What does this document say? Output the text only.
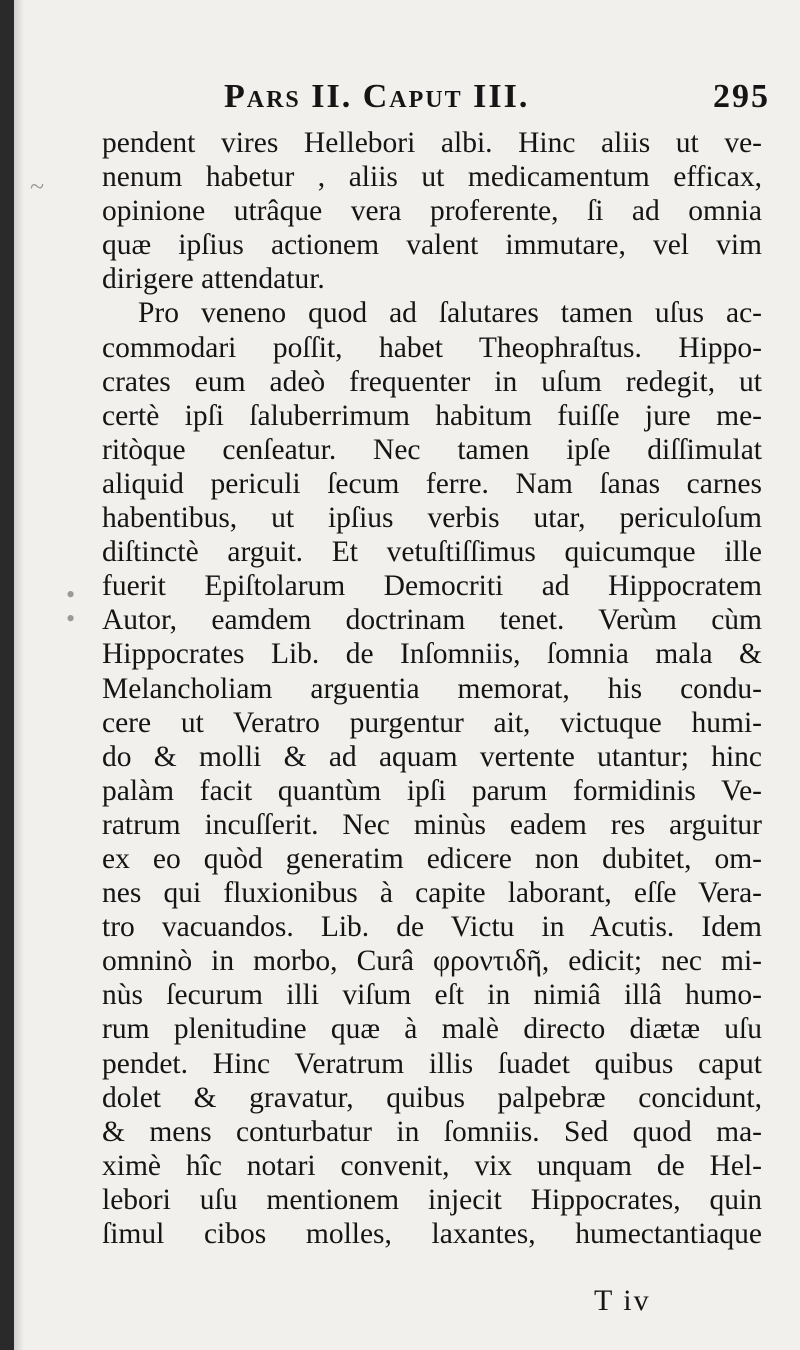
Pars II. Caput III.	295
pendent vires Hellebori albi. Hinc aliis ut ve-
nenum habetur , aliis ut medicamentum efficax,
opinione utrâque vera proferente, ſi ad omnia
quæ ipſius actionem valent immutare, vel vim
dirigere attendatur.
Pro veneno quod ad ſalutares tamen uſus ac-
commodari poſſit, habet Theophraſtus. Hippo-
crates eum adeò frequenter in uſum redegit, ut
certè ipſi ſaluberrimum habitum fuiſſe jure me-
ritòque cenſeatur. Nec tamen ipſe diſſimulat
aliquid periculi ſecum ferre. Nam ſanas carnes
habentibus, ut ipſius verbis utar, periculoſum
diſtinctè arguit. Et vetuſtiſſimus quicumque ille
fuerit Epiſtolarum Democriti ad Hippocratem
Autor, eamdem doctrinam tenet. Verùm cùm
Hippocrates Lib. de Inſomniis, ſomnia mala &
Melancholiam arguentia memorat, his condu-
cere ut Veratro purgentur ait, victuque humi-
do & molli & ad aquam vertente utantur; hinc
palàm facit quantùm ipſi parum formidinis Ve-
ratrum incuſſerit. Nec minùs eadem res arguitur
ex eo quòd generatim edicere non dubitet, om-
nes qui fluxionibus à capite laborant, eſſe Vera-
tro vacuandos. Lib. de Victu in Acutis. Idem
omninò in morbo, Curâ φροντιδῆ, edicit; nec mi-
nùs ſecurum illi viſum eſt in nimiâ illâ humo-
rum plenitudine quæ à malè directo diætæ uſu
pendet. Hinc Veratrum illis ſuadet quibus caput
dolet & gravatur, quibus palpebræ concidunt,
& mens conturbatur in ſomniis. Sed quod ma-
ximè hîc notari convenit, vix unquam de Hel-
lebori uſu mentionem injecit Hippocrates, quin
ſimul cibos molles, laxantes, humectantiaque
T iv
~
•
•
